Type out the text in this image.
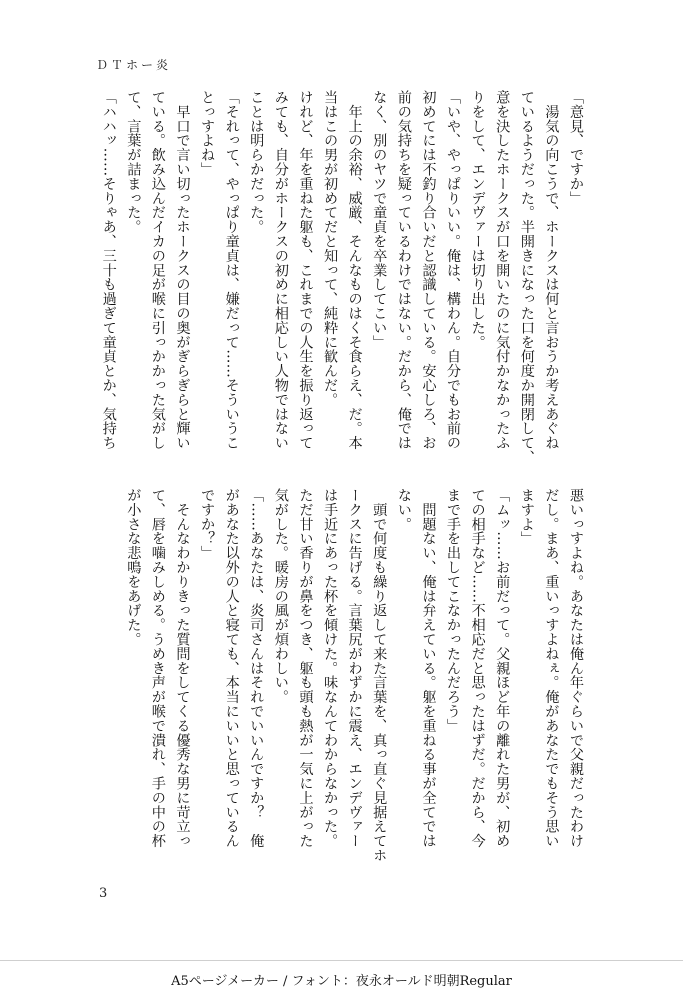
ＤＴホー炎
「意見、ですか」
　湯気の向こうで、ホークスは何と言おうか考えあぐね
ているようだった。半開きになった口を何度か開閉して、
意を決したホークスが口を開いたのに気付かなかったふ
りをして、エンデヴァーは切り出した。
「いや、やっぱりいい。俺は、構わん。自分でもお前の
初めてには不釣り合いだと認識している。安心しろ、お
前の気持ちを疑っているわけではない。だから、俺では
なく、別のヤツで童貞を卒業してこい」
　年上の余裕、威厳、そんなものはくそ食らえ、だ。本
当はこの男が初めてだと知って、純粋に歓んだ。
けれど、年を重ねた躯も、これまでの人生を振り返って
みても、自分がホークスの初めに相応しい人物ではない
ことは明らかだった。
「それって、やっぱり童貞は、嫌だって……そういうこ
とっすよね」
　早口で言い切ったホークスの目の奥がぎらぎらと輝い
ている。飲み込んだイカの足が喉に引っかかった気がし
て、言葉が詰まった。
「ハハッ……そりゃあ、三十も過ぎて童貞とか、気持ち
悪いっすよね。あなたは俺ん年ぐらいで父親だったわけ
だし。まあ、重いっすよねぇ。俺があなたでもそう思い
ますよ」
「ムッ……お前だって。父親ほど年の離れた男が、初め
ての相手など……不相応だと思ったはずだ。だから、今
まで手を出してこなかったんだろう」
　問題ない、俺は弁えている。躯を重ねる事が全てでは
ない。
　頭で何度も繰り返して来た言葉を、真っ直ぐ見据えてホ
ークスに告げる。言葉尻がわずかに震え、エンデヴァー
は手近にあった杯を傾けた。味なんてわからなかった。
ただ甘い香りが鼻をつき、躯も頭も熱が一気に上がった
気がした。暖房の風が煩わしい。
「……あなたは、炎司さんはそれでいいんですか？　俺
があなた以外の人と寝ても、本当にいいと思っているん
ですか？」
　そんなわかりきった質問をしてくる優秀な男に苛立っ
て、唇を噛みしめる。うめき声が喉で潰れ、手の中の杯
が小さな悲鳴をあげた。
3
A5ページメーカー / フォント：夜永オールド明朝Regular
